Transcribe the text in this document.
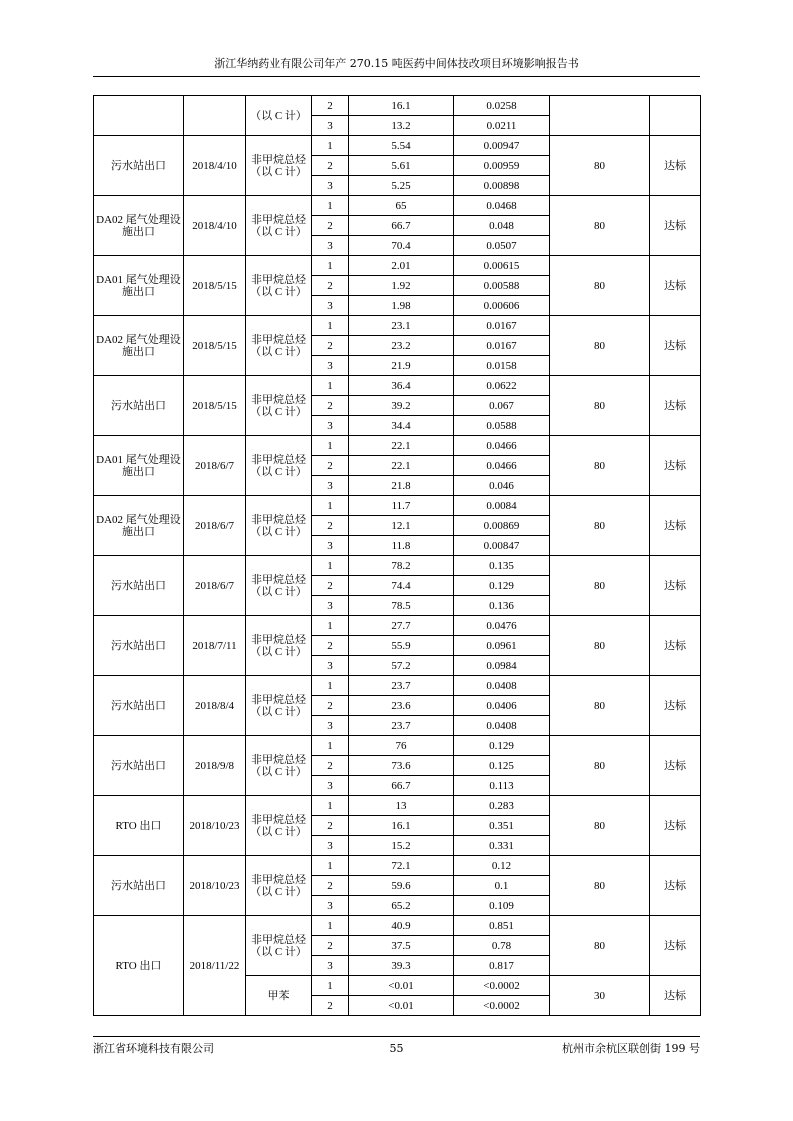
浙江华纳药业有限公司年产 270.15 吨医药中间体技改项目环境影响报告书
		（以 C 计）	2	16.1	0.0258		
			3	13.2	0.0211		
污水站出口	2018/4/10	非甲烷总烃（以 C 计）	1	5.54	0.00947	80	达标
			2	5.61	0.00959		
			3	5.25	0.00898		
DA02 尾气处理设施出口	2018/4/10	非甲烷总烃（以 C 计）	1	65	0.0468	80	达标
			2	66.7	0.048		
			3	70.4	0.0507		
DA01 尾气处理设施出口	2018/5/15	非甲烷总烃（以 C 计）	1	2.01	0.00615	80	达标
			2	1.92	0.00588		
			3	1.98	0.00606		
DA02 尾气处理设施出口	2018/5/15	非甲烷总烃（以 C 计）	1	23.1	0.0167	80	达标
			2	23.2	0.0167		
			3	21.9	0.0158		
污水站出口	2018/5/15	非甲烷总烃（以 C 计）	1	36.4	0.0622	80	达标
			2	39.2	0.067		
			3	34.4	0.0588		
DA01 尾气处理设施出口	2018/6/7	非甲烷总烃（以 C 计）	1	22.1	0.0466	80	达标
			2	22.1	0.0466		
			3	21.8	0.046		
DA02 尾气处理设施出口	2018/6/7	非甲烷总烃（以 C 计）	1	11.7	0.0084	80	达标
			2	12.1	0.00869		
			3	11.8	0.00847		
污水站出口	2018/6/7	非甲烷总烃（以 C 计）	1	78.2	0.135	80	达标
			2	74.4	0.129		
			3	78.5	0.136		
污水站出口	2018/7/11	非甲烷总烃（以 C 计）	1	27.7	0.0476	80	达标
			2	55.9	0.0961		
			3	57.2	0.0984		
污水站出口	2018/8/4	非甲烷总烃（以 C 计）	1	23.7	0.0408	80	达标
			2	23.6	0.0406		
			3	23.7	0.0408		
污水站出口	2018/9/8	非甲烷总烃（以 C 计）	1	76	0.129	80	达标
			2	73.6	0.125		
			3	66.7	0.113		
RTO 出口	2018/10/23	非甲烷总烃（以 C 计）	1	13	0.283	80	达标
			2	16.1	0.351		
			3	15.2	0.331		
污水站出口	2018/10/23	非甲烷总烃（以 C 计）	1	72.1	0.12	80	达标
			2	59.6	0.1		
			3	65.2	0.109		
RTO 出口	2018/11/22	非甲烷总烃（以 C 计）	1	40.9	0.851	80	达标
			2	37.5	0.78		
			3	39.3	0.817		
		甲苯	1	<0.01	<0.0002	30	达标
			2	<0.01	<0.0002		
浙江省环境科技有限公司	55	杭州市余杭区联创街 199 号
